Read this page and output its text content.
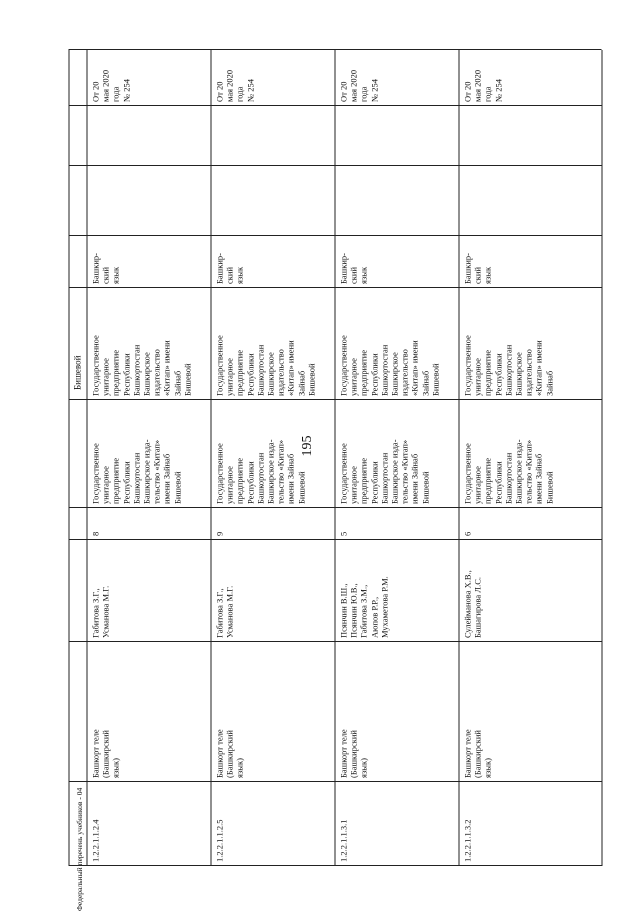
195
Федеральный перечень учебников - 04
Бишевой
1.2.2.1.1.2.4
Башкорт теле
(Башкирский
язык)
Габитова З.Г.,
Усманова М.Г.
8
Государственное
унитарное
предприятие
Республики
Башкортостан
Башкирское изда-
тельство «Китап»
имени Зайнаб
Бишевой
Государственное
унитарное
предприятие
Республики
Башкортостан
Башкирское
издательство
«Китап» имени
Зайнаб
Бишевой
Башкир-
ский
язык
От 20
мая 2020
года
№ 254
1.2.2.1.1.2.5
Башкорт теле
(Башкирский
язык)
Габитова З.Г.,
Усманова М.Г.
9
Государственное
унитарное
предприятие
Республики
Башкортостан
Башкирское изда-
тельство «Китап»
имени Зайнаб
Бишевой
Государственное
унитарное
предприятие
Республики
Башкортостан
Башкирское
издательство
«Китап» имени
Зайнаб
Бишевой
Башкир-
ский
язык
От 20
мая 2020
года
№ 254
1.2.2.1.1.3.1
Башкорт теле
(Башкирский
язык)
Псянчин В.Ш.,
Псянчин Ю.В.,
Габитова З.М.,
Аюпов Р.Р.,
Мухаметова Р.М.
5
Государственное
унитарное
предприятие
Республики
Башкортостан
Башкирское изда-
тельство «Китап»
имени Зайнаб
Бишевой
Государственное
унитарное
предприятие
Республики
Башкортостан
Башкирское
издательство
«Китап» имени
Зайнаб
Бишевой
Башкир-
ский
язык
От 20
мая 2020
года
№ 254
1.2.2.1.1.3.2
Башкорт теле
(Башкирский
язык)
Сулейманова Х.В.,
Башагирова Л.С.
6
Государственное
унитарное
предприятие
Республики
Башкортостан
Башкирское изда-
тельство «Китап»
имени Зайнаб
Бишевой
Государственное
унитарное
предприятие
Республики
Башкортостан
Башкирское
издательство
«Китап» имени
Зайнаб
Башкир-
ский
язык
От 20
мая 2020
года
№ 254
